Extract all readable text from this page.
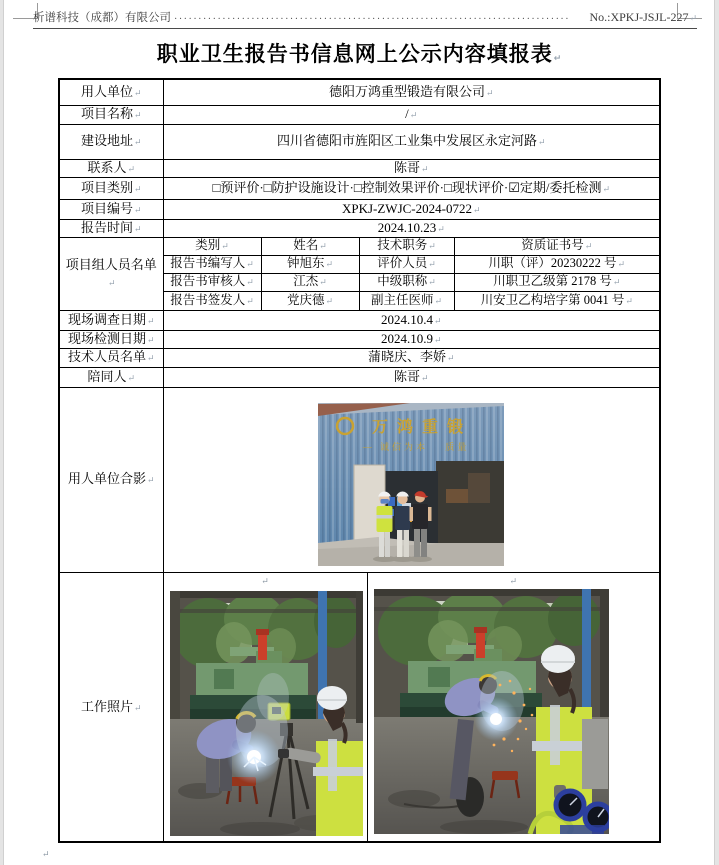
析谱科技（成都）有限公司 ··················································································	No.:XPKJ-JSJL-227 ↵
职业卫生报告书信息网上公示内容填报表 ↵
用人单位 ↵	德阳万鸿重型锻造有限公司 ↵
项目名称 ↵	/ ↵
建设地址 ↵	四川省德阳市旌阳区工业集中发展区永定河路 ↵
联系人 ↵	陈哥 ↵
项目类别 ↵	□预评价·□防护设施设计·□控制效果评价·□现状评价·☑定期/委托检测 ↵
项目编号 ↵	XPKJ-ZWJC-2024-0722 ↵
报告时间 ↵	2024.10.23 ↵
项目组人员名单 ↵	类别 ↵	姓名 ↵	技术职务 ↵	资质证书号 ↵
	报告书编写人 ↵	钟旭东 ↵	评价人员 ↵	川职（评）20230222 号 ↵
	报告书审核人 ↵	江杰 ↵	中级职称 ↵	川职卫乙级第 2178 号 ↵
	报告书签发人 ↵	党庆德 ↵	副主任医师 ↵	川安卫乙构培字第 0041 号 ↵
现场调查日期 ↵	2024.10.4 ↵
现场检测日期 ↵	2024.10.9 ↵
技术人员名单 ↵	蒲晓庆、李娇 ↵
陪同人 ↵	陈哥 ↵
用人单位合影 ↵	万鸿重锻
— 诚信为本　 质量			

工作照片 ↵	↵ ↵			
↵
